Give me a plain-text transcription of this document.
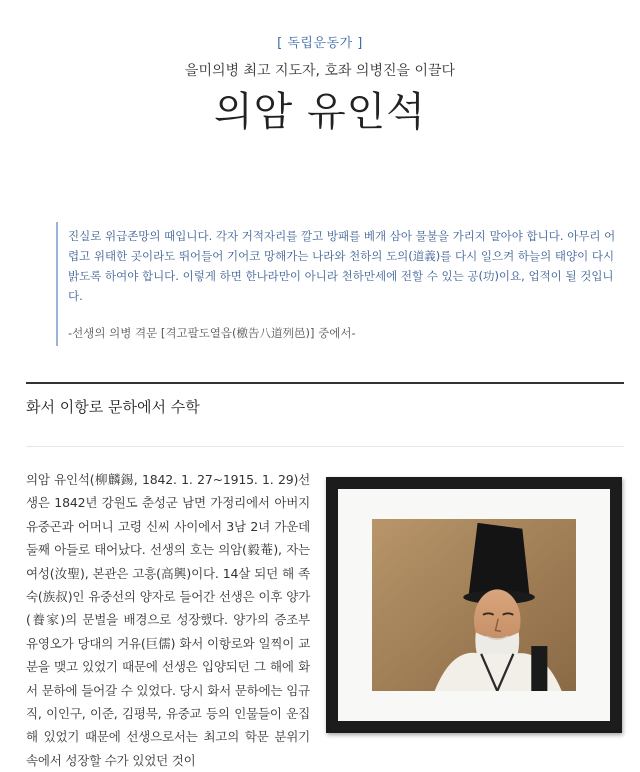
[ 독립운동가 ]
을미의병 최고 지도자, 호좌 의병진을 이끌다
의암 유인석

진실로 위급존망의 때입니다. 각자 거적자리를 깔고 방패를 베개 삼아 물불을 가리지 말아야 합니다. 아무리 어렵고 위태한 곳이라도 뛰어들어 기어코 망해가는 나라와 천하의 도의(道義)를 다시 일으켜 하늘의 태양이 다시 밝도록 하여야 합니다. 이렇게 하면 한나라만이 아니라 천하만세에 전할 수 있는 공(功)이요, 업적이 될 것입니다.

-선생의 의병 격문 [격고팔도열읍(檄告八道列邑)] 중에서-

화서 이항로 문하에서 수학

의암 유인석(柳麟錫, 1842. 1. 27~1915. 1. 29)선생은 1842년 강원도 춘성군 남면 가정리에서 아버지 유중곤과 어머니 고령 신씨 사이에서 3남 2녀 가운데 둘째 아들로 태어났다. 선생의 호는 의암(毅菴), 자는 여성(汝聖), 본관은 고흥(高興)이다. 14살 되던 해 족숙(族叔)인 유중선의 양자로 들어간 선생은 이후 양가(養家)의 문벌을 배경으로 성장했다. 양가의 증조부 유영오가 당대의 거유(巨儒) 화서 이항로와 일찍이 교분을 맺고 있었기 때문에 선생은 입양되던 그 해에 화서 문하에 들어갈 수 있었다. 당시 화서 문하에는 임규직, 이인구, 이준, 김평묵, 유중교 등의 인물들이 운집해 있었기 때문에 선생으로서는 최고의 학문 분위기 속에서 성장할 수가 있었던 것이
